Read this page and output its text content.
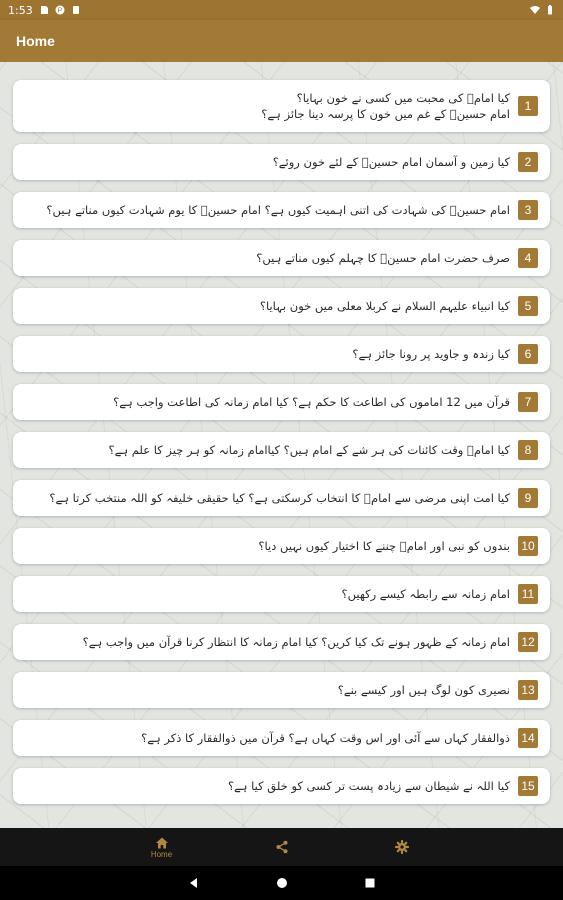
1:53	P
Home
کیا امامؑ کی محبت میں کسی نے خون بہایا؟
امام حسینؑ کے غم میں خون کا پرسہ دینا جائز ہے؟
1
کیا زمین و آسمان امام حسینؑ کے لئے خون روئے؟	2
امام حسینؑ کی شہادت کی اتنی اہمیت کیوں ہے؟ امام حسینؑ کا یوم شہادت کیوں مناتے ہیں؟	3
صرف حضرت امام حسینؑ کا چہلم کیوں مناتے ہیں؟	4
کیا انبیاء علیہم السلام نے کربلا معلی میں خون بہایا؟	5
کیا زندہ و جاوید پر رونا جائز ہے؟	6
قرآن میں 12 اماموں کی اطاعت کا حکم ہے؟ کیا امام زمانہ کی اطاعت واجب ہے؟	7
کیا امامؑ وقت کائنات کی ہر شے کے امام ہیں؟ کیاامام زمانہ کو ہر چیز کا علم ہے؟	8
کیا امت اپنی مرضی سے امامؑ کا انتخاب کرسکتی ہے؟ کیا حقیقی خلیفہ کو اللہ منتخب کرتا ہے؟	9
بندوں کو نبی اور امامؑ چننے کا اختیار کیوں نہیں دیا؟ 10
امام زمانہ سے رابطہ کیسے رکھیں؟ 11
امام زمانہ کے ظہور ہونے تک کیا کریں؟ کیا امام زمانہ کا انتظار کرنا قرآن میں واجب ہے؟ 12
نصیری کون لوگ ہیں اور کیسے بنے؟ 13
ذوالفقار کہاں سے آئی اور اس وقت کہاں ہے؟ قرآن میں ذوالفقار کا ذکر ہے؟ 14
کیا اللہ نے شیطان سے زیادہ پست تر کسی کو خلق کیا ہے؟ 15
Home
